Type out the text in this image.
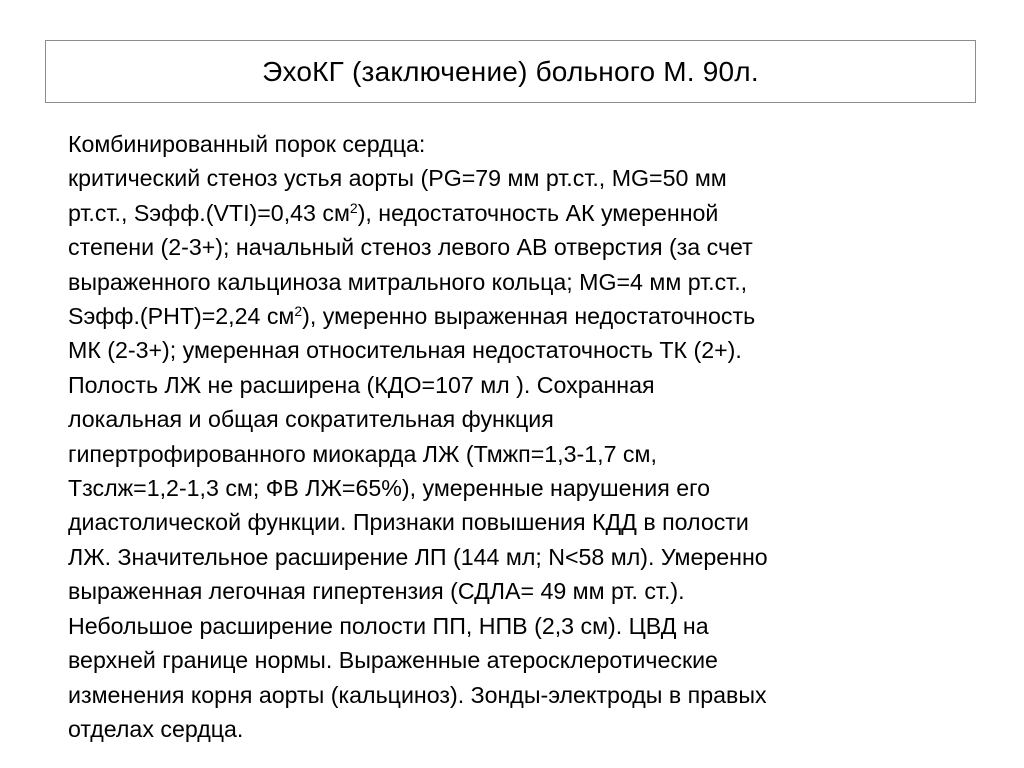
ЭхоКГ (заключение) больного М. 90л.
Комбинированный порок сердца:
критический стеноз устья аорты (PG=79 мм рт.ст., MG=50 мм
рт.ст., Sэфф.(VTI)=0,43 $см^2$), недостаточность АК умеренной
степени (2-3+); начальный стеноз левого АВ отверстия (за счет
выраженного кальциноза митрального кольца; MG=4 мм рт.ст.,
Sэфф.(PHT)=2,24 $см^2$), умеренно выраженная недостаточность
МК (2-3+); умеренная относительная недостаточность ТК (2+).
Полость ЛЖ не расширена (КДО=107 мл ). Сохранная
локальная и общая сократительная функция
гипертрофированного миокарда ЛЖ (Тмжп=1,3-1,7 см,
Тзслж=1,2-1,3 см; ФВ ЛЖ=65%), умеренные нарушения его
диастолической функции. Признаки повышения КДД в полости
ЛЖ. Значительное расширение ЛП (144 мл; N<58 мл). Умеренно
выраженная легочная гипертензия (СДЛА= 49 мм рт. ст.).
Небольшое расширение полости ПП, НПВ (2,3 см). ЦВД на
верхней границе нормы. Выраженные атеросклеротические
изменения корня аорты (кальциноз). Зонды-электроды в правых
отделах сердца.
